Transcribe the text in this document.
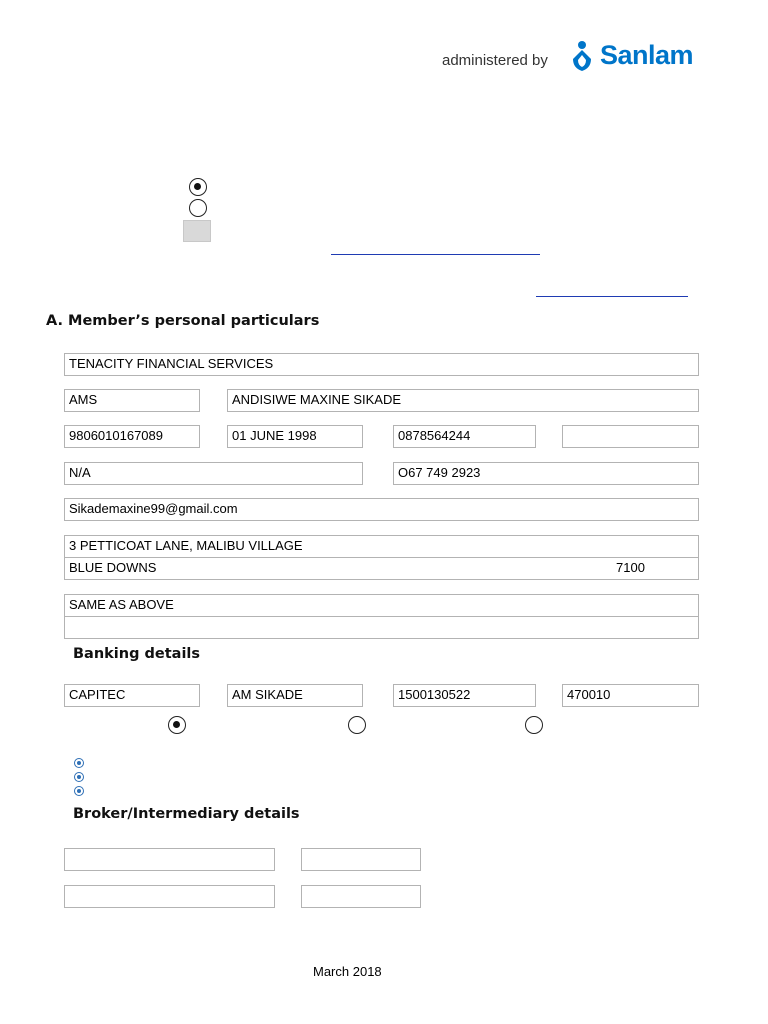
administered by Sanlam
A. Member’s personal particulars
TENACITY FINANCIAL SERVICES
AMS	ANDISIWE MAXINE SIKADE
9806010167089	01 JUNE 1998	0878564244
N/A	O67 749 2923
Sikademaxine99@gmail.com
3 PETTICOAT LANE, MALIBU VILLAGE
BLUE DOWNS	7100
SAME AS ABOVE
Banking details
CAPITEC	AM SIKADE	1500130522	470010
Broker/Intermediary details
March 2018
